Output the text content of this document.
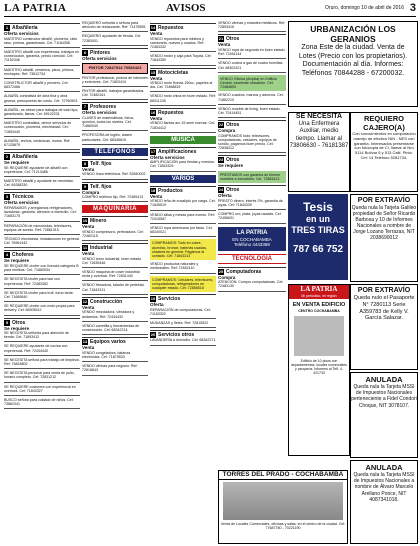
LA PATRIA	AVISOS	Oruro, domingo 10 de abril de 2016 3
1 Albañilería
Oferta servicios

MAESTRO constructor albañil, plomería, cielo raso, pintura, garantizado. Cel: 71184356

MAESTRO albañil con experiencia, trabajos en construcción, garantía, precio cómodo. Cel: 71152346

MAESTRO albañil, cerámica, pisos, pintura, enchapes. Ref: 73812734

CONSTRUCTOR albañil y plomero. Cel: 68372466

ALBAÑIL contratista de obra fina y obra gruesa, presupuesto sin costo. Cel: 72760503

ALBAÑIL, se ofrece para trabajos de todo tipo, garantizado, llamar. Cel: 69102231

MAESTRO contratista, ofrece servicios de construcción, plomería, electricidad. Cel: 71853440

ALBAÑIL, techos, cerámicas, muros. Ref: 67125879

2 Albañilería
Se requiere

SE REQUIERE ayudante de albañil con experiencia. Cel: 71213486

MAESTRO albañil y ayudante se necesitan. Cel: 69288330

3 Técnicos
Oferta servicios

REPARAMOS y arreglamos refrigeradores, lavadoras, garantía, atención a domicilio. Cel: 71683175

REPARACIÓN de microondas, televisores, equipos de sonido. Ref: 72861315

TÉCNICO electricista, instalaciones en general. Cel: 76961442

4 Choferes
Se requiere

SE REQUIERE chofer con licencia categoría B para minibús. Cel: 71880534

SE NECESITA chofer para taxi con experiencia. Ref: 72483362

SE NECESITA chofer para trufi, turno tarde. Cel: 71689840

SE REQUIERE chofer con moto propia para delivery. Cel: 68305512

5 Otros
Se requiere

SE NECESITA señorita para atención de tienda. Cel: 71893412

SE REQUIERE ayudante de cocina con experiencia. Ref: 72434440

SE NECESITA señora para trabajo de limpieza. Ref: 76818802

SE NECESITA personal para venta de pollo, horario completo. Cel: 72831212

SE REQUIERE costurera con experiencia en overlock. Cel: 71843327

BUSCO señora para cuidado de niños. Cel: 73862341

REQUIERO señorita o señora para atención de restaurante. Ref: 71475555

REQUIERO ayudante de tienda. Cel: 72383001

6 Pintores
Oferta servicios
PINTOR 72847914 70526423

PINTOR profesional, pintura de interiores y exteriores. Cel: 71803410

PINTOR albañil, trabajos garantizados. Cel: 72482161

7 Profesores
Oferta servicios

CLASES de matemáticas, física, química, todos los niveles. Cel: 71880040

PROFESORA de inglés, clases particulares. Cel: 68346615

TELÉFONOS
8 Telf. fijos
Venta

VENDO línea telefónica. Ref: 52840002

9 Telf. fijos
Compra

COMPRO teléfono fijo. Ref: 72489413

MAQUINARIA
10 Minero
Venta

VENDO compresora, perforadora. Cel: 72482115

11 Industrial
Venta

VENDO torno industrial, buen estado. Cel: 71835446

VENDO máquina de coser industrial recta y overlock. Ref: 72831440

VENDO fresadora, taladro de pedestal. Cel: 71843311

12 Construcción
Venta

VENDO mezcladora, vibradora y andamios. Ref: 72434432

VENDO carretilla y herramientas de construcción. Cel: 68342214

13 Equipos varios
Venta

VENDO congeladora, balanza electrónica. Cel: 71875533

VENDO vitrinas para negocio. Ref: 72818843

14 Repuestos
Venta

VENDO repuestos para minibús y camioneta, nuevos y usados. Ref: 72483332

VENDO motor y caja para Toyota. Cel: 71843350

15 Motocicletas
Venta

VENDO moto Honda 150cc, papeles al día. Cel: 72468839

VENDO moto china en buen estado. Ref: 68311245

16 Repuestos
Venta

VENDO llantas aro 15 semi nuevas. Cel: 71834412

MÚSICA
17 Amplificaciones
Oferta servicios

AMPLIFICACIÓN para fiestas y eventos. Cel: 71853329

VARIOS
18 Productos
Venta

VENDO leña de eucalipto por carga. Cel: 71845519

VENDO sillas y mesas para evento. Ref: 72415587

VENDO ropa americana por fardo. Cel: 68340021

COMPRAMOS: Todo en cobre, aluminio, bronce, baterías usadas, chatarra en general. Pagamos al contado. Cel: 71843313

VENDO productos naturales y medicinales. Ref: 72482410

COMPRAMOS: Celulares, televisores, computadoras, refrigeradores en cualquier estado. Cel: 72858518
19 Servicios
Oferta

REPARACIÓN de computadoras. Cel: 71183302

MUDANZAS y fletes. Ref: 72815522

20 Servicios otros

LAVANDERÍA a domicilio. Cel: 68342271

VENDO vitrinas y estantes metálicos. Ref: 72893416

21 Otros
Venta

VENDO ropa de segunda en buen estado. Ref: 72461144

VENDO cocina a gas de cuatro hornillas. Cel: 68302421

VENDO Oficina (Amplia) en Edificio Central, excelente ubicación. Cel: 72484600

VENDO cuadros, marcos y adornos. Cel: 71882210

VENDO mueble de living, buen estado. Cel: 72414451

22 Otros
Compra

COMPRAMOS todo: televisores, computadoras, celulares, equipos de sonido, pagamos buen precio. Cel: 72838312

23 Otros
Se requiere
PRESTAMOS con garantía de bienes muebles e inmuebles. Cel: 72883413
24 Otros
Oferta

PRESTO dinero, interés 3%, garantía de joyas. Cel: 71844339

COMPRO oro, plata, joyas usadas. Cel: 72456631

LA PATRIA
EN COCHABAMBA
Teléfono 4443388
TECNOLOGÍA
25 Computadoras
Compra

ATENCIÓN: Compro computadoras. Cel: 72483130

URBANIZACIÓN LOS GERANIOS
Zona Este de la ciudad. Venta de Lotes (Precio con los propietarios). Documentación al día. Informes: Teléfonos 70844288 - 67200032.
SE NECESITA
Una Enfermera Auxiliar, medio tiempo. Llamar al 73806630 - 76181387
REQUIERO CAJERO(A)
Con conocimientos en computación manejo de efectivo NIN - NES con garantía. Interesados presentarse con fotocopia de CI, llamar al Nro 5114 Bolívar 5 y 513 Calif. Pinto. Cel: 14 Teléfono 5281734.
Tesis
en un
TRES TIRAS
787 66 752
POR EXTRAVÍO
Queda nula la Tarjeta Galileo propiedad de Señor Ricardo Barbosa y 10 de Informes Nacionales a nombre de Jorge Lozano Terrazas, NIT 2038690012
LA PATRIA
Mi periódico, mi región
EN VENTA EDIFICIO
CENTRO COCHABAMBA
Edificio de 10 pisos con departamentos, locales comerciales y parqueos. Informes al Telf. 4-421733
POR EXTRAVÍO
Queda nulo el Pasaporte N° 7280113 Serie A359783 de Kelly V. García Salazar.
ANULADA
Queda nula la Tarjeta MSSI de Impuestos Nacionales perteneciente a Fidel Condori Choque, NIT 3078107.
ANULADA
Queda nula la Tarjeta MSSI de Impuestos Nacionales a nombre de Álvaro Marcelo Arellano Ponce, NIT 4087341018.
TORRES DEL PRADO - COCHABAMBA
Venta de Locales Comerciales, oficinas y salas, en el centro de la ciudad. Cel: 77687780 - 70221190
